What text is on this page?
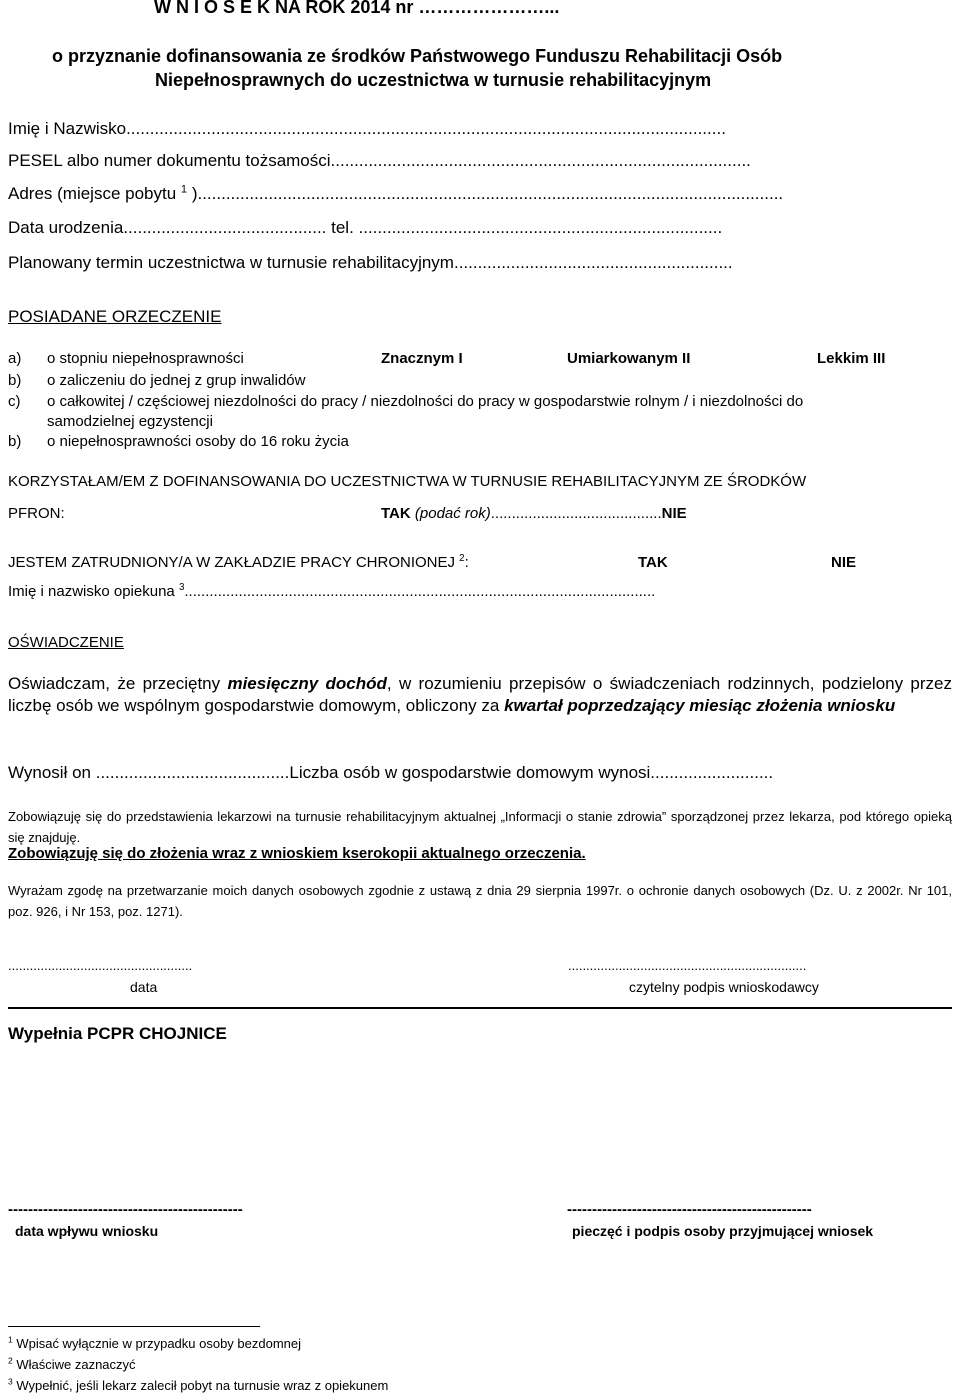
W N I O S E K NA ROK 2014 nr …………………...
o przyznanie dofinansowania ze środków Państwowego Funduszu Rehabilitacji Osób
Niepełnosprawnych do uczestnictwa w turnusie rehabilitacyjnym
Imię i Nazwisko...............................................................................................................................
PESEL albo numer dokumentu tożsamości.........................................................................................
Adres (miejsce pobytu $^1$ )............................................................................................................................
Data urodzenia........................................... tel. .............................................................................
Planowany termin uczestnictwa w turnusie rehabilitacyjnym...........................................................
POSIADANE ORZECZENIE
a) o stopniu niepełnosprawności	Znacznym I	Umiarkowanym II	Lekkim III
b) o zaliczeniu do jednej z grup inwalidów
c) o całkowitej / częściowej niezdolności do pracy / niezdolności do pracy w gospodarstwie rolnym / i niezdolności do
samodzielnej egzystencji
b) o niepełnosprawności osoby do 16 roku życia
KORZYSTAŁAM/EM Z DOFINANSOWANIA DO UCZESTNICTWA W TURNUSIE REHABILITACYJNYM ZE ŚRODKÓW
PFRON:	TAK (podać rok).........................................NIE
JESTEM ZATRUDNIONY/A W ZAKŁADZIE PRACY CHRONIONEJ $^2$:	TAK	NIE
Imię i nazwisko opiekuna $^3$.................................................................................................................
OŚWIADCZENIE
Oświadczam, że przeciętny miesięczny dochód, w rozumieniu przepisów o świadczeniach rodzinnych, podzielony przez liczbę osób we wspólnym gospodarstwie domowym, obliczony za kwartał poprzedzający miesiąc złożenia wniosku
Wynosił on .........................................Liczba osób w gospodarstwie domowym wynosi..........................
Zobowiązuję się do przedstawienia lekarzowi na turnusie rehabilitacyjnym aktualnej „Informacji o stanie zdrowia” sporządzonej przez lekarza, pod którego opieką się znajduję.
Zobowiązuję się do złożenia wraz z wnioskiem kserokopii aktualnego orzeczenia.
Wyrażam zgodę na przetwarzanie moich danych osobowych zgodnie z ustawą z dnia 29 sierpnia 1997r. o ochronie danych osobowych (Dz. U. z 2002r. Nr 101, poz. 926, i Nr 153, poz. 1271).
...................................................	..................................................................
data	czytelny podpis wnioskodawcy
Wypełnia PCPR CHOJNICE
-----------------------------------------------	-------------------------------------------------
data wpływu wniosku	pieczęć i podpis osoby przyjmującej wniosek
$^1$ Wpisać wyłącznie w przypadku osoby bezdomnej
$^2$ Właściwe zaznaczyć
$^3$ Wypełnić, jeśli lekarz zalecił pobyt na turnusie wraz z opiekunem
